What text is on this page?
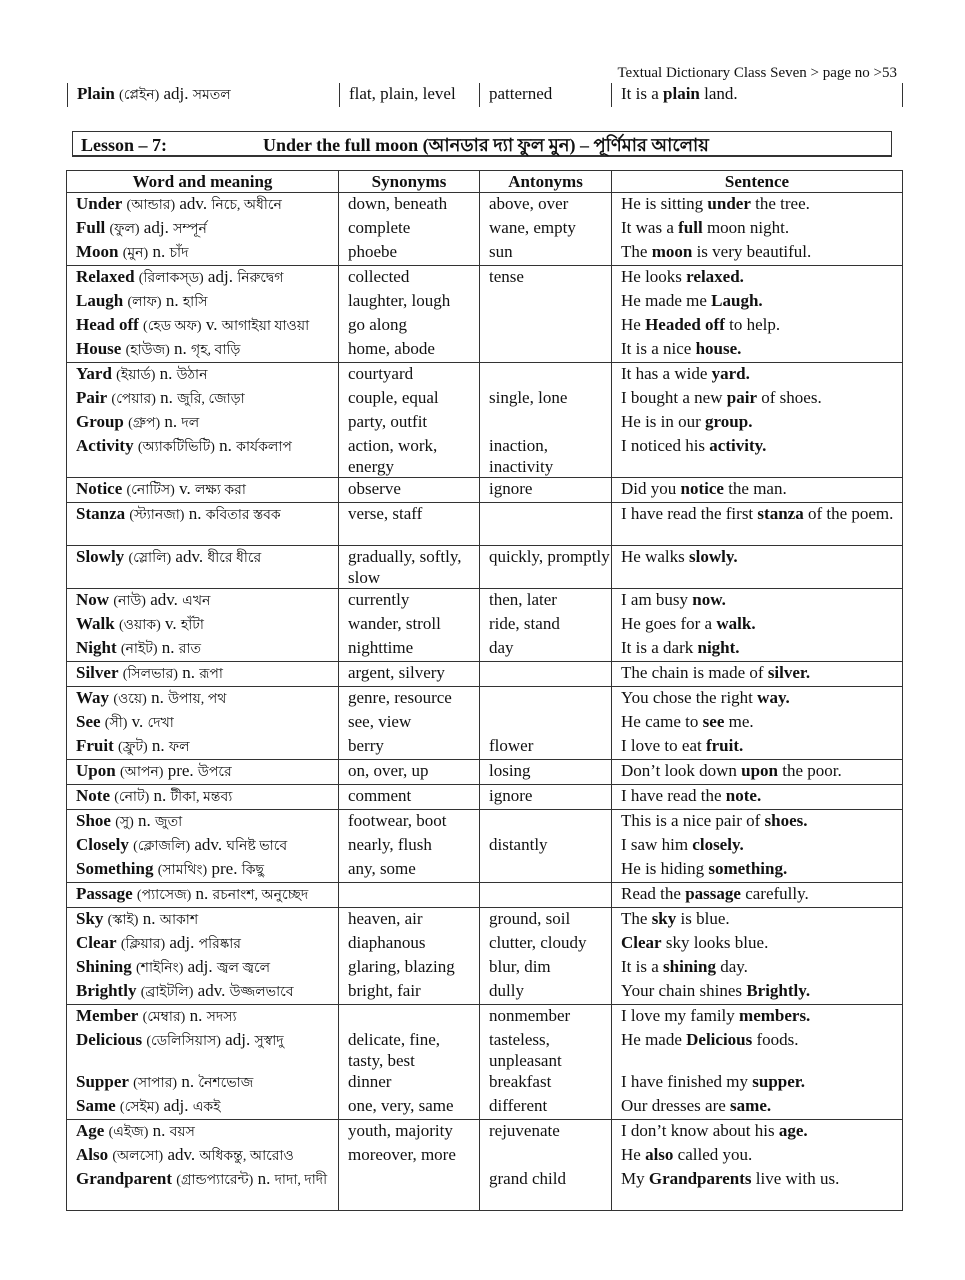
Textual Dictionary Class Seven > page no >53
Plain (প্লেইন) adj. সমতল	flat, plain, level	patterned	It is a plain land.
Lesson – 7:	Under the full moon (আনডার দ্যা ফুল মুন) – পূর্ণিমার আলোয়
Word and meaning	Synonyms	Antonyms	Sentence
Under (আন্ডার) adv. নিচে, অধীনে	down, beneath	above, over	He is sitting under the tree.
Full (ফুল) adj. সম্পূর্ন	complete	wane, empty	It was a full moon night.
Moon (মুন) n. চাঁদ	phoebe	sun	The moon is very beautiful.
Relaxed (রিলাকস্ড) adj. নিরুদ্বেগ	collected	tense	He looks relaxed.
Laugh (লাফ) n. হাসি	laughter, lough		He made me Laugh.
Head off (হেড অফ) v. আগাইয়া যাওয়া	go along		He Headed off to help.
House (হাউজ) n. গৃহ, বাড়ি	home, abode		It is a nice house.
Yard (ইয়ার্ড) n. উঠান	courtyard		It has a wide yard.
Pair (পেয়ার) n. জুরি, জোড়া	couple, equal	single, lone	I bought a new pair of shoes.
Group (গ্রুপ) n. দল	party, outfit		He is in our group.
Activity (অ্যাকটিভিটি) n. কার্যকলাপ	action, work, energy	inaction, inactivity	I noticed his activity.
Notice (নোটিস) v. লক্ষ্য করা	observe	ignore	Did you notice the man.
Stanza (স্ট্যানজা) n. কবিতার স্তবক	verse, staff		I have read the first stanza of the poem.
Slowly (স্লোলি) adv. ধীরে ধীরে	gradually, softly, slow	quickly, promptly	He walks slowly.
Now (নাউ) adv. এখন	currently	then, later	I am busy now.
Walk (ওয়াক) v. হাঁটা	wander, stroll	ride, stand	He goes for a walk.
Night (নাইট) n. রাত	nighttime	day	It is a dark night.
Silver (সিলভার) n. রূপা	argent, silvery		The chain is made of silver.
Way (ওয়ে) n. উপায়, পথ	genre, resource		You chose the right way.
See (সী) v. দেখা	see, view		He came to see me.
Fruit (ফ্রুট) n. ফল	berry	flower	I love to eat fruit.
Upon (আপন) pre. উপরে	on, over, up	losing	Don’t look down upon the poor.
Note (নোট) n. টীকা, মন্তব্য	comment	ignore	I have read the note.
Shoe (সু) n. জুতা	footwear, boot		This is a nice pair of shoes.
Closely (ক্লোজলি) adv. ঘনিষ্ট ভাবে	nearly, flush	distantly	I saw him closely.
Something (সামথিং) pre. কিছু	any, some		He is hiding something.
Passage (প্যাসেজ) n. রচনাংশ, অনুচ্ছেদ			Read the passage carefully.
Sky (স্কাই) n. আকাশ	heaven, air	ground, soil	The sky is blue.
Clear (ক্লিয়ার) adj. পরিষ্কার	diaphanous	clutter, cloudy	Clear sky looks blue.
Shining (শাইনিং) adj. জ্বল জ্বলে	glaring, blazing	blur, dim	It is a shining day.
Brightly (ব্রাইটলি) adv. উজ্জলভাবে	bright, fair	dully	Your chain shines Brightly.
Member (মেম্বার) n. সদস্য		nonmember	I love my family members.
Delicious (ডেলিসিয়াস) adj. সুস্বাদু	delicate, fine, tasty, best	tasteless, unpleasant	He made Delicious foods.
Supper (সাপার) n. নৈশভোজ	dinner	breakfast	I have finished my supper.
Same (সেইম) adj. একই	one, very, same	different	Our dresses are same.
Age (এইজ) n. বয়স	youth, majority	rejuvenate	I don’t know about his age.
Also (অলসো) adv. অধিকন্তু, আরোও	moreover, more		He also called you.
Grandparent (গ্রান্ডপ্যারেন্ট) n. দাদা, দাদী		grand child	My Grandparents live with us.
